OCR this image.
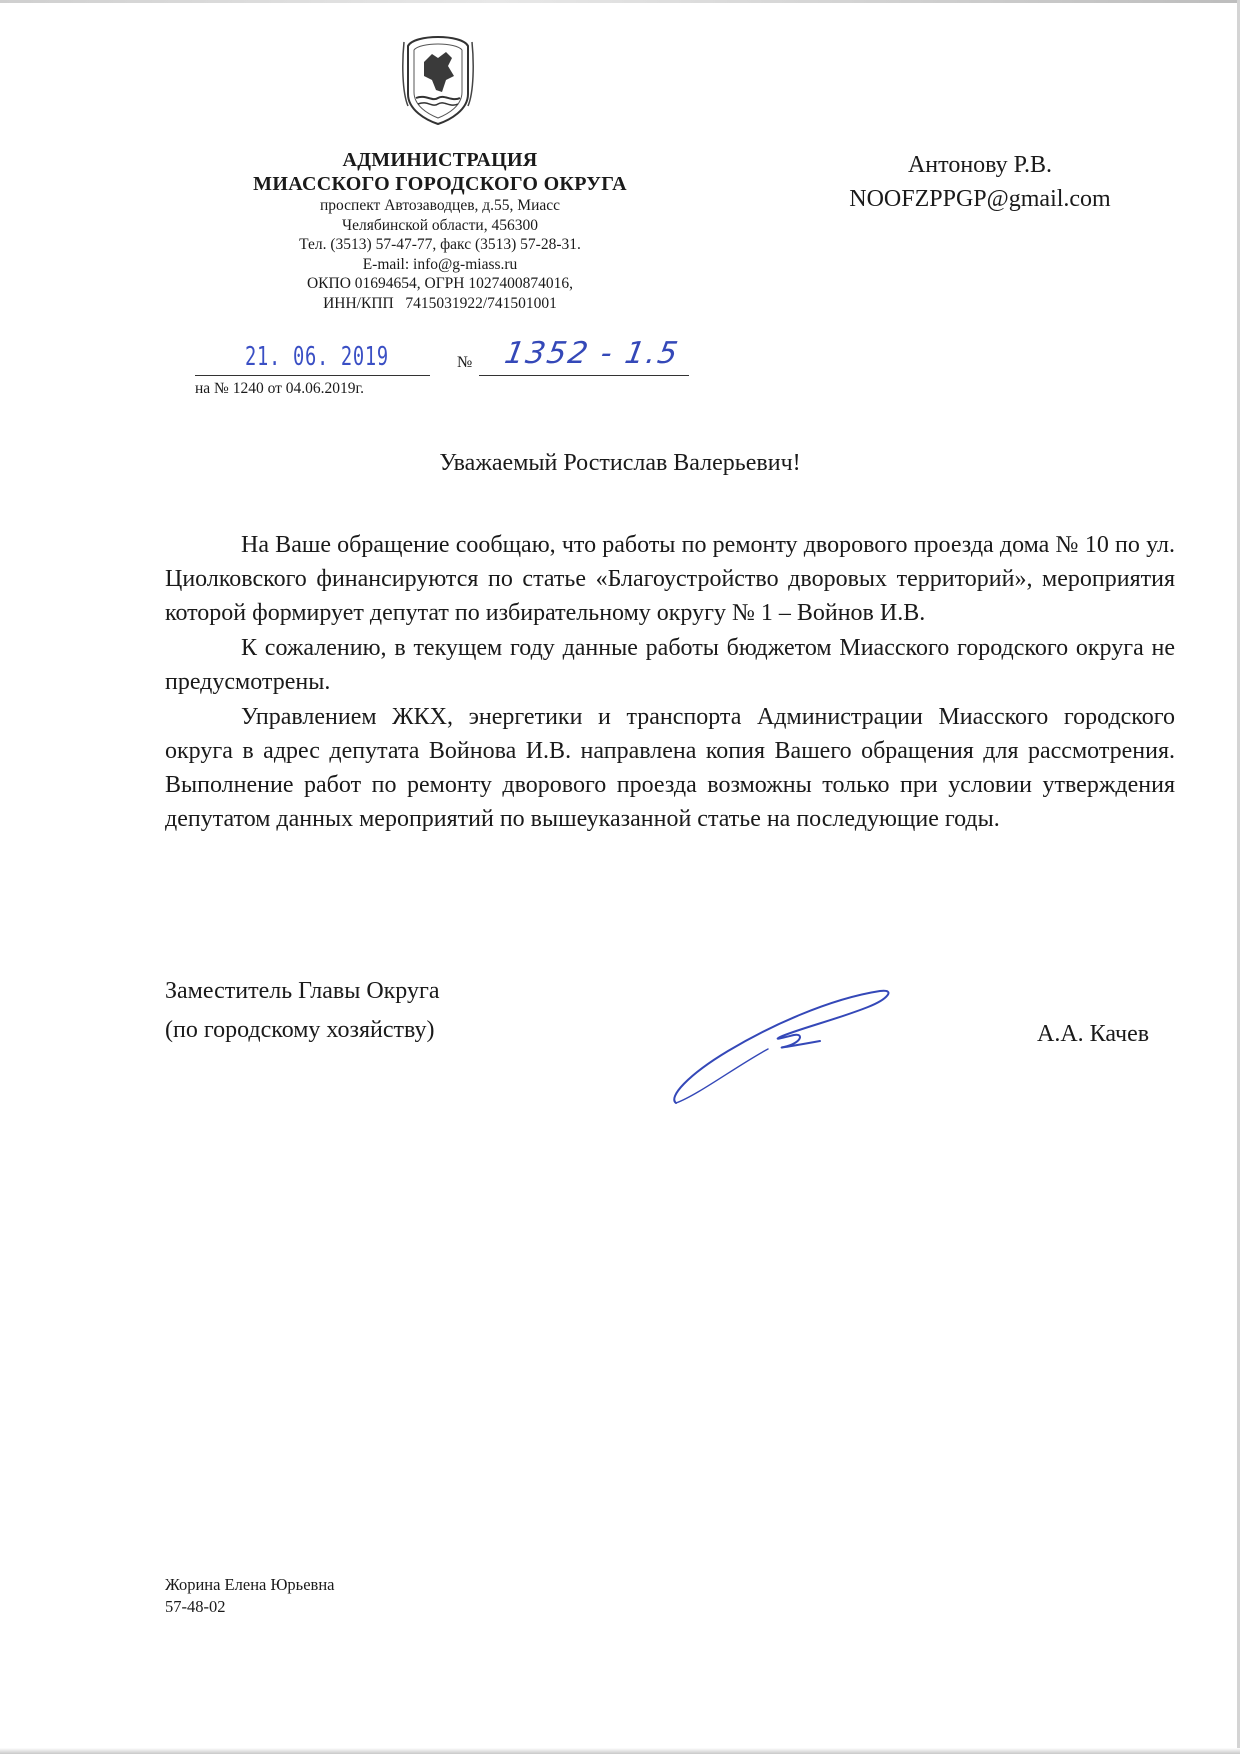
АДМИНИСТРАЦИЯ
МИАССКОГО ГОРОДСКОГО ОКРУГА
проспект Автозаводцев, д.55, Миасс
Челябинской области, 456300
Тел. (3513) 57-47-77, факс (3513) 57-28-31.
E-mail: info@g-miass.ru
ОКПО 01694654, ОГРН 1027400874016,
ИНН/КПП   7415031922/741501001
Антонову Р.В.
NOOFZPPGP@gmail.com
21. 06. 2019	№ 1352 - 1.5
на № 1240 от 04.06.2019г.
Уважаемый Ростислав Валерьевич!

На Ваше обращение сообщаю, что работы по ремонту дворового проезда дома № 10 по ул. Циолковского финансируются по статье «Благоустройство дворовых территорий», мероприятия которой формирует депутат по избирательному округу № 1 – Войнов И.В.

К сожалению, в текущем году данные работы бюджетом Миасского городского округа не предусмотрены.

Управлением ЖКХ, энергетики и транспорта Администрации Миасского городского округа в адрес депутата Войнова И.В. направлена копия Вашего обращения для рассмотрения. Выполнение работ по ремонту дворового проезда возможны только при условии утверждения депутатом данных мероприятий по вышеуказанной статье на последующие годы.

Заместитель Главы Округа
(по городскому хозяйству)	А.А. Качев
Жорина Елена Юрьевна
57-48-02
